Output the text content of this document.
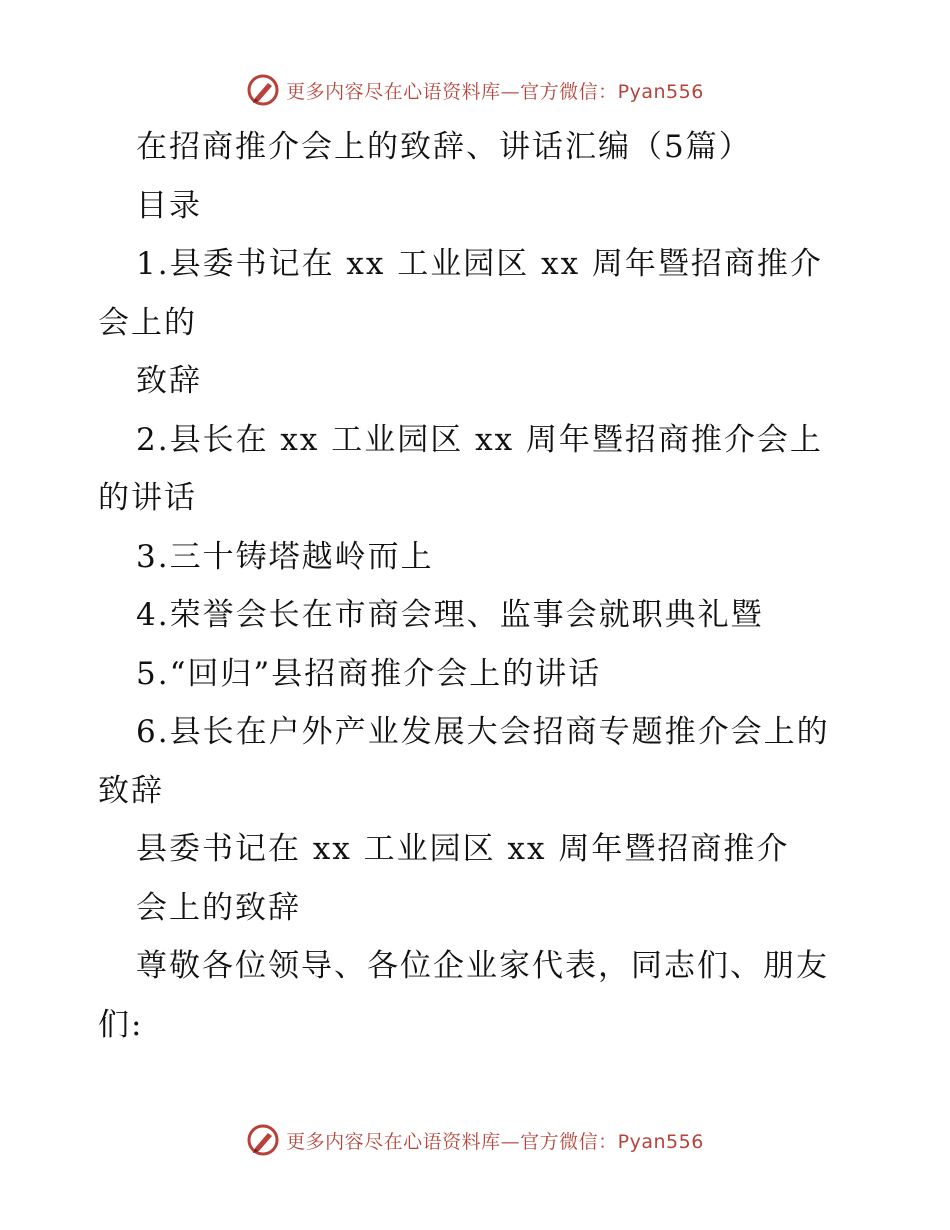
更多内容尽在心语资料库—官方微信：Pyan556
在招商推介会上的致辞、讲话汇编（5篇）
目录
1.县委书记在 xx 工业园区 xx 周年暨招商推介
会上的
致辞
2.县长在 xx 工业园区 xx 周年暨招商推介会上
的讲话
3.三十铸塔越岭而上
4.荣誉会长在市商会理、监事会就职典礼暨
5.“回归”县招商推介会上的讲话
6.县长在户外产业发展大会招商专题推介会上的
致辞
县委书记在 xx 工业园区 xx 周年暨招商推介
会上的致辞
尊敬各位领导、各位企业家代表，同志们、朋友
们:
更多内容尽在心语资料库—官方微信：Pyan556
